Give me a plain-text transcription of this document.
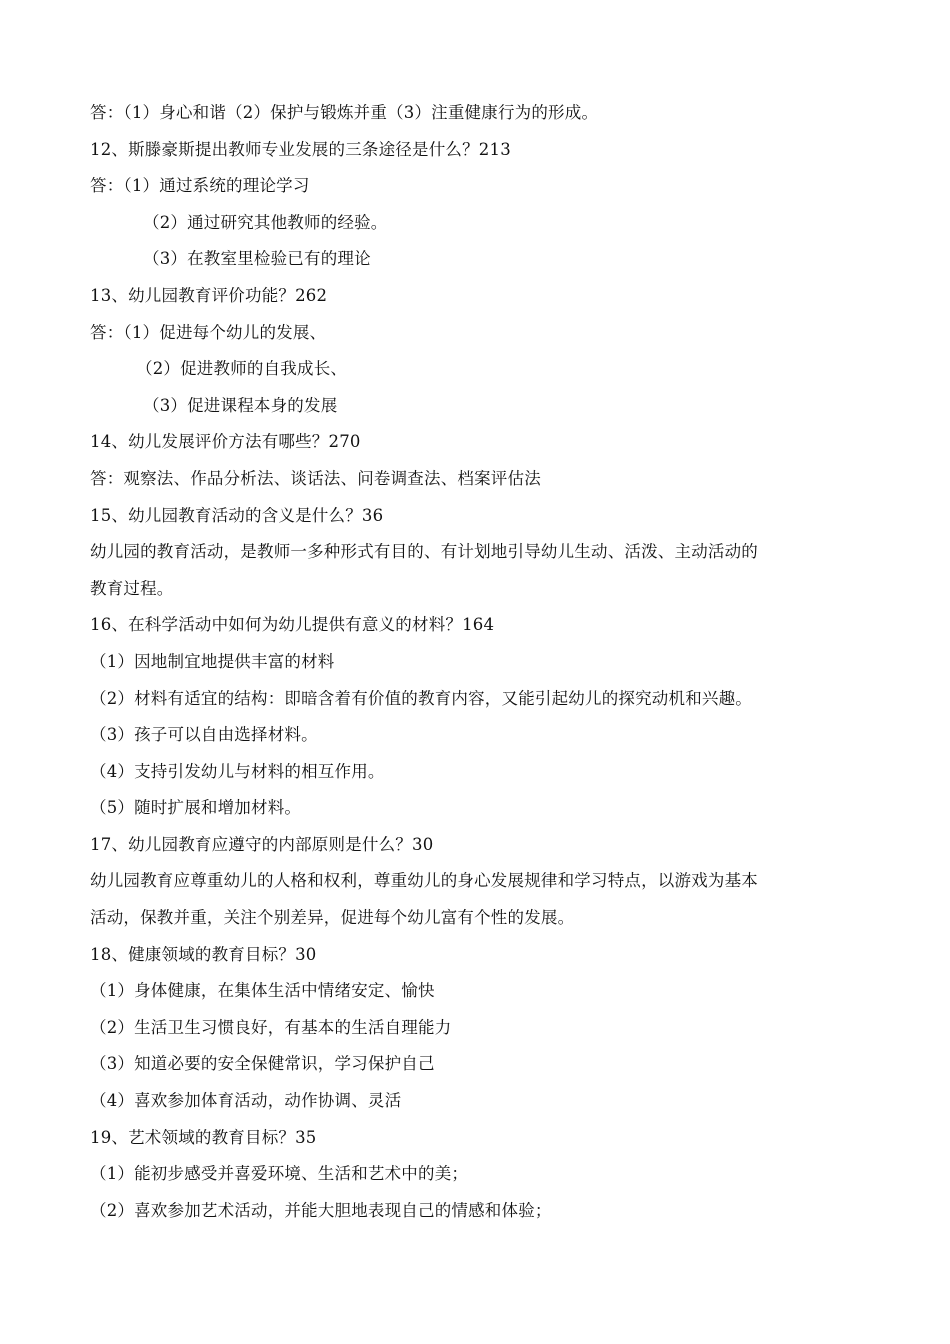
答：（1）身心和谐（2）保护与锻炼并重（3）注重健康行为的形成。
12、斯滕豪斯提出教师专业发展的三条途径是什么？213
答：（1）通过系统的理论学习
（2）通过研究其他教师的经验。
（3）在教室里检验已有的理论
13、幼儿园教育评价功能？262
答：（1）促进每个幼儿的发展、
（2）促进教师的自我成长、
（3）促进课程本身的发展
14、幼儿发展评价方法有哪些？270
答：观察法、作品分析法、谈话法、问卷调查法、档案评估法
15、幼儿园教育活动的含义是什么？36
幼儿园的教育活动，是教师一多种形式有目的、有计划地引导幼儿生动、活泼、主动活动的
教育过程。
16、在科学活动中如何为幼儿提供有意义的材料？164
（1）因地制宜地提供丰富的材料
（2）材料有适宜的结构：即暗含着有价值的教育内容，又能引起幼儿的探究动机和兴趣。
（3）孩子可以自由选择材料。
（4）支持引发幼儿与材料的相互作用。
（5）随时扩展和增加材料。
17、幼儿园教育应遵守的内部原则是什么？30
幼儿园教育应尊重幼儿的人格和权利，尊重幼儿的身心发展规律和学习特点，以游戏为基本
活动，保教并重，关注个别差异，促进每个幼儿富有个性的发展。
18、健康领域的教育目标？30
（1）身体健康，在集体生活中情绪安定、愉快
（2）生活卫生习惯良好，有基本的生活自理能力
（3）知道必要的安全保健常识，学习保护自己
（4）喜欢参加体育活动，动作协调、灵活
19、艺术领域的教育目标？35
（1）能初步感受并喜爱环境、生活和艺术中的美；
（2）喜欢参加艺术活动，并能大胆地表现自己的情感和体验；
